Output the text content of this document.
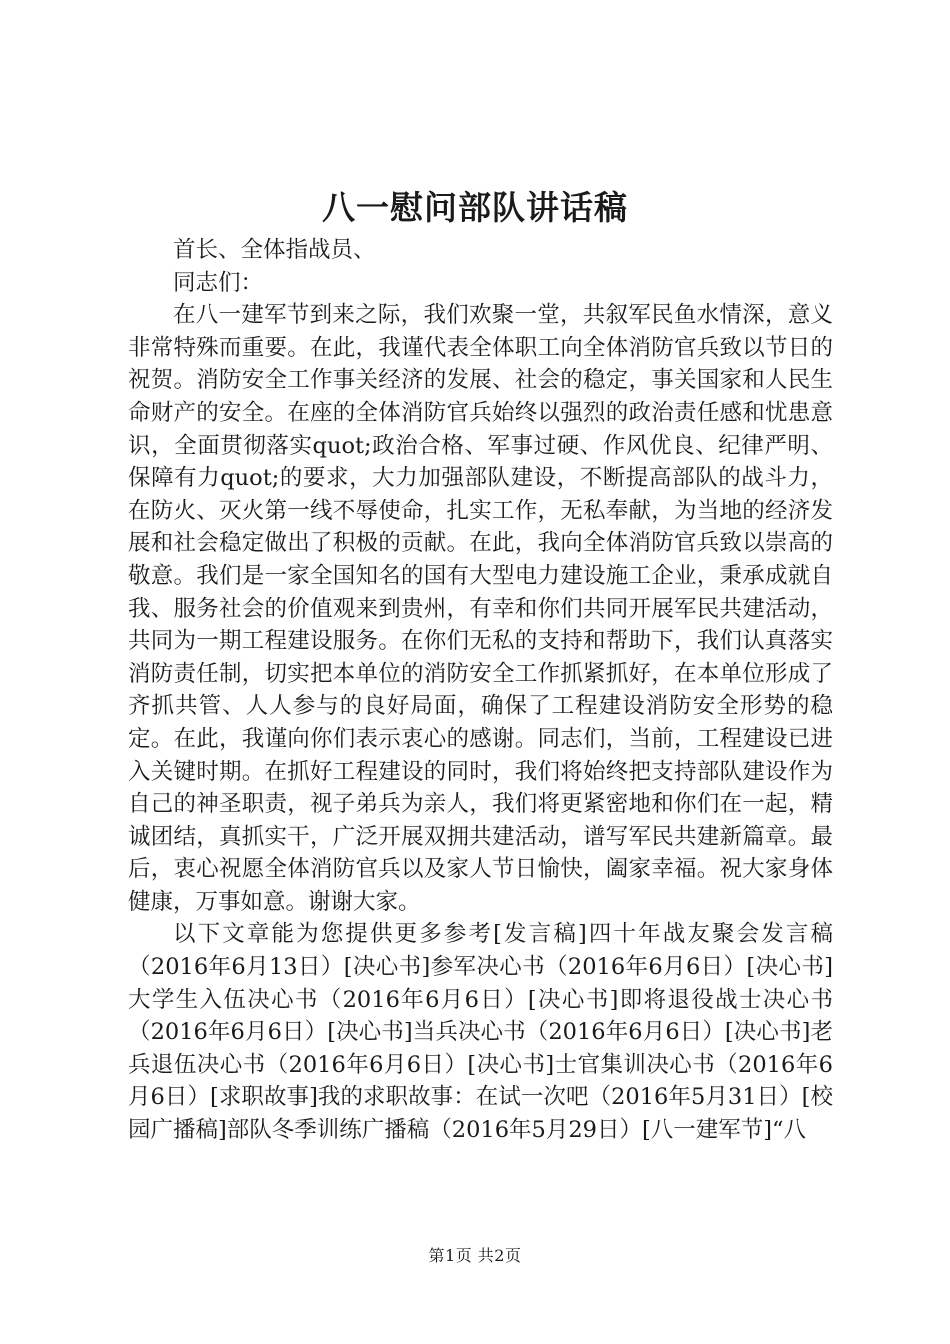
八一慰问部队讲话稿

首长、全体指战员、

同志们：

在八一建军节到来之际，我们欢聚一堂，共叙军民鱼水情深，意义非常特殊而重要。在此，我谨代表全体职工向全体消防官兵致以节日的祝贺。消防安全工作事关经济的发展、社会的稳定，事关国家和人民生命财产的安全。在座的全体消防官兵始终以强烈的政治责任感和忧患意识，全面贯彻落实quot;政治合格、军事过硬、作风优良、纪律严明、保障有力quot;的要求，大力加强部队建设，不断提高部队的战斗力，在防火、灭火第一线不辱使命，扎实工作，无私奉献，为当地的经济发展和社会稳定做出了积极的贡献。在此，我向全体消防官兵致以崇高的敬意。我们是一家全国知名的国有大型电力建设施工企业，秉承成就自我、服务社会的价值观来到贵州，有幸和你们共同开展军民共建活动，共同为一期工程建设服务。在你们无私的支持和帮助下，我们认真落实消防责任制，切实把本单位的消防安全工作抓紧抓好，在本单位形成了齐抓共管、人人参与的良好局面，确保了工程建设消防安全形势的稳定。在此，我谨向你们表示衷心的感谢。同志们，当前，工程建设已进入关键时期。在抓好工程建设的同时，我们将始终把支持部队建设作为自己的神圣职责，视子弟兵为亲人，我们将更紧密地和你们在一起，精诚团结，真抓实干，广泛开展双拥共建活动，谱写军民共建新篇章。最后，衷心祝愿全体消防官兵以及家人节日愉快，阖家幸福。祝大家身体健康，万事如意。谢谢大家。

以下文章能为您提供更多参考[发言稿]四十年战友聚会发言稿（2016年6月13日）[决心书]参军决心书（2016年6月6日）[决心书]大学生入伍决心书（2016年6月6日）[决心书]即将退役战士决心书（2016年6月6日）[决心书]当兵决心书（2016年6月6日）[决心书]老兵退伍决心书（2016年6月6日）[决心书]士官集训决心书（2016年6月6日）[求职故事]我的求职故事：在试一次吧（2016年5月31日）[校园广播稿]部队冬季训练广播稿（2016年5月29日）[八一建军节]“八

第1页 共2页
